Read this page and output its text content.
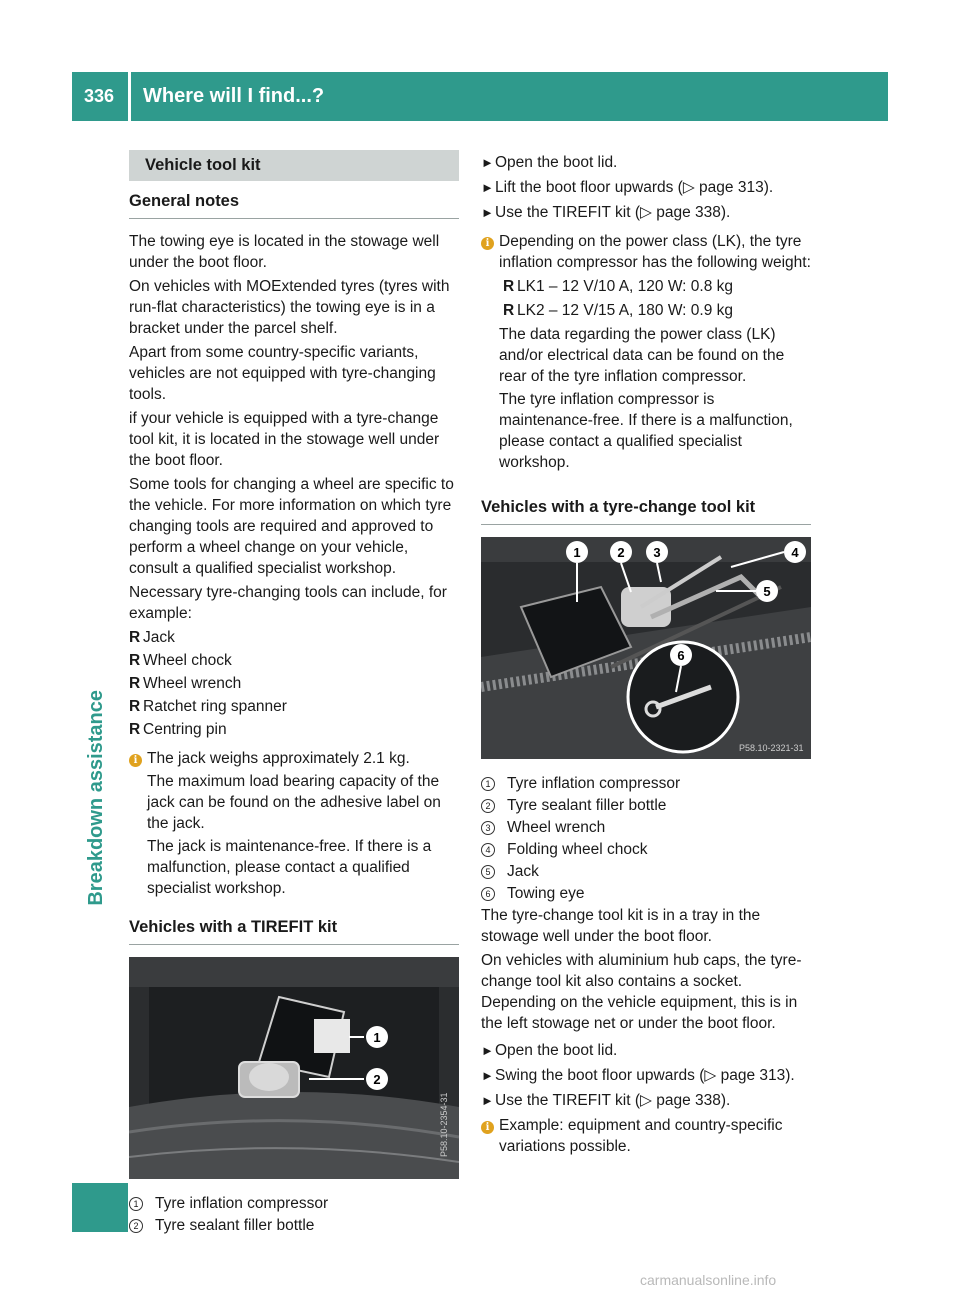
336	Where will I find...?
Breakdown assistance
Vehicle tool kit
General notes

The towing eye is located in the stowage well under the boot floor.

On vehicles with MOExtended tyres (tyres with run-flat characteristics) the towing eye is in a bracket under the parcel shelf.

Apart from some country-specific variants, vehicles are not equipped with tyre-changing tools.

if your vehicle is equipped with a tyre-change tool kit, it is located in the stowage well under the boot floor.

Some tools for changing a wheel are specific to the vehicle. For more information on which tyre changing tools are required and approved to perform a wheel change on your vehicle, consult a qualified specialist workshop.

Necessary tyre-changing tools can include, for example:

R Jack
R Wheel chock
R Wheel wrench
R Ratchet ring spanner
R Centring pin
i The jack weighs approximately 2.1 kg.

The maximum load bearing capacity of the jack can be found on the adhesive label on the jack.

The jack is maintenance-free. If there is a malfunction, please contact a qualified specialist workshop.

Vehicles with a TIREFIT kit
1
2
P58.10-2354-31
1 Tyre inflation compressor
2 Tyre sealant filler bottle
► Open the boot lid.
► Lift the boot floor upwards (▷ page 313).
► Use the TIREFIT kit (▷ page 338).
i Depending on the power class (LK), the tyre inflation compressor has the following weight:

R LK1 – 12 V/10 A, 120 W: 0.8 kg
R LK2 – 12 V/15 A, 180 W: 0.9 kg

The data regarding the power class (LK) and/or electrical data can be found on the rear of the tyre inflation compressor.

The tyre inflation compressor is maintenance-free. If there is a malfunction, please contact a qualified specialist workshop.

Vehicles with a tyre-change tool kit
1	2 3	4
5
6
P58.10-2321-31
1 Tyre inflation compressor
2 Tyre sealant filler bottle
3 Wheel wrench
4 Folding wheel chock
5 Jack
6 Towing eye

The tyre-change tool kit is in a tray in the stowage well under the boot floor.

On vehicles with aluminium hub caps, the tyre-change tool kit also contains a socket. Depending on the vehicle equipment, this is in the left stowage net or under the boot floor.

► Open the boot lid.
► Swing the boot floor upwards (▷ page 313).
► Use the TIREFIT kit (▷ page 338).
i Example: equipment and country-specific variations possible.

carmanualsonline.info
